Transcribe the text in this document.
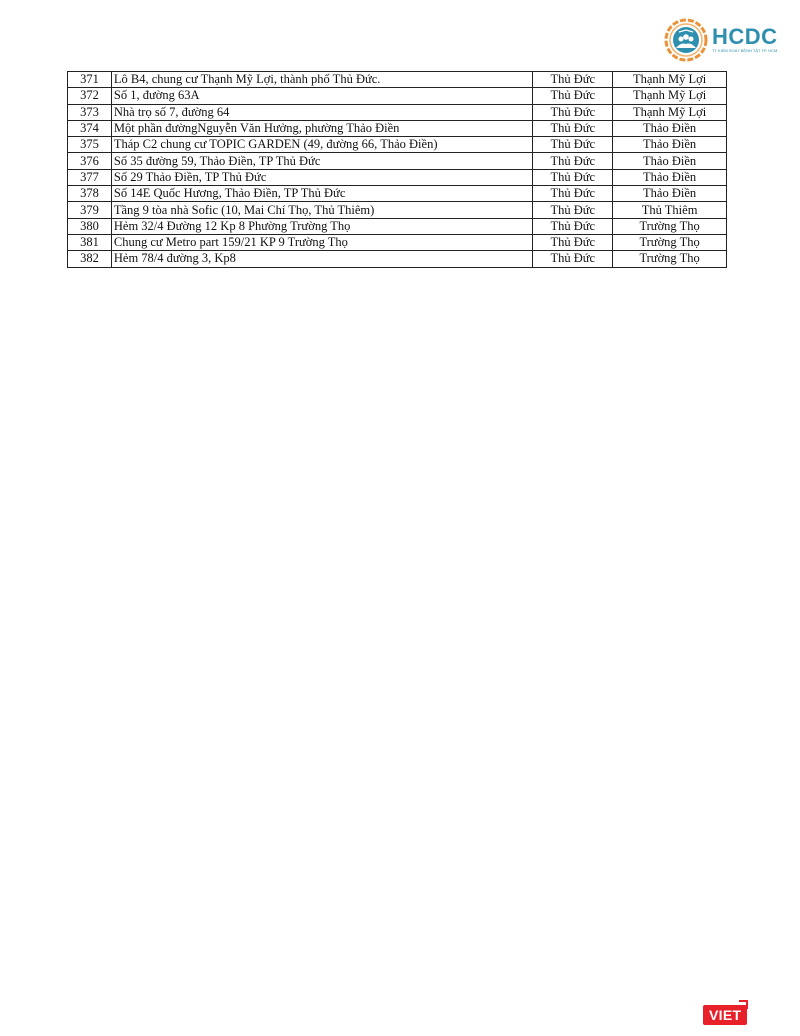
HCDC
TT KIỂM SOÁT BỆNH TẬT TP. HCM
371	Lô B4, chung cư Thạnh Mỹ Lợi, thành phố Thủ Đức.	Thủ Đức	Thạnh Mỹ Lợi
372	Số 1, đường 63A	Thủ Đức	Thạnh Mỹ Lợi
373	Nhà trọ số 7, đường 64	Thủ Đức	Thạnh Mỹ Lợi
374	Một phần đườngNguyễn Văn Hưởng, phường Thảo Điền	Thủ Đức	Thảo Điền
375	Tháp C2 chung cư TOPIC GARDEN (49, đường 66, Thảo Điền)	Thủ Đức	Thảo Điền
376	Số 35 đường 59, Thảo Điền, TP Thủ Đức	Thủ Đức	Thảo Điền
377	Số 29 Thảo Điền, TP Thủ Đức	Thủ Đức	Thảo Điền
378	Số 14E Quốc Hương, Thảo Điền, TP Thủ Đức	Thủ Đức	Thảo Điền
379	Tầng 9 tòa nhà Sofic (10, Mai Chí Thọ, Thủ Thiêm)	Thủ Đức	Thủ Thiêm
380	Hẻm 32/4 Đường 12 Kp 8 Phường Trường Thọ	Thủ Đức	Trường Thọ
381	Chung cư Metro part 159/21 KP 9 Trường Thọ	Thủ Đức	Trường Thọ
382	Hẻm 78/4 đường 3, Kp8	Thủ Đức	Trường Thọ
VIET
